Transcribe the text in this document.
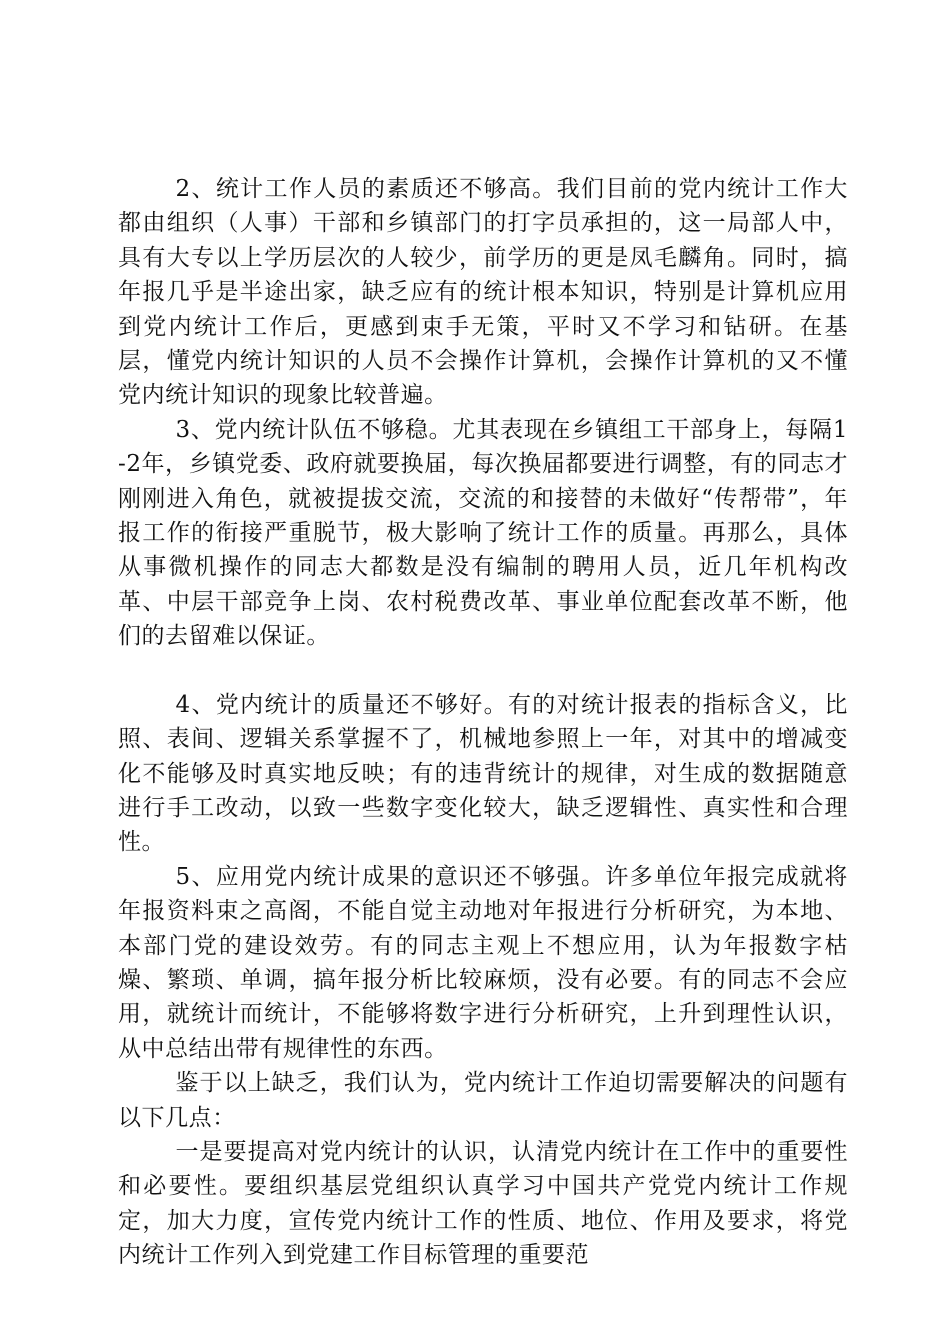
2、统计工作人员的素质还不够高。我们目前的党内统计工作大都由组织（人事）干部和乡镇部门的打字员承担的，这一局部人中，具有大专以上学历层次的人较少，前学历的更是凤毛麟角。同时，搞年报几乎是半途出家，缺乏应有的统计根本知识，特别是计算机应用到党内统计工作后，更感到束手无策，平时又不学习和钻研。在基层，懂党内统计知识的人员不会操作计算机，会操作计算机的又不懂党内统计知识的现象比较普遍。

3、党内统计队伍不够稳。尤其表现在乡镇组工干部身上，每隔1-2年，乡镇党委、政府就要换届，每次换届都要进行调整，有的同志才刚刚进入角色，就被提拔交流，交流的和接替的未做好“传帮带”，年报工作的衔接严重脱节，极大影响了统计工作的质量。再那么，具体从事微机操作的同志大都数是没有编制的聘用人员，近几年机构改革、中层干部竞争上岗、农村税费改革、事业单位配套改革不断，他们的去留难以保证。

4、党内统计的质量还不够好。有的对统计报表的指标含义，比照、表间、逻辑关系掌握不了，机械地参照上一年，对其中的增减变化不能够及时真实地反映；有的违背统计的规律，对生成的数据随意进行手工改动，以致一些数字变化较大，缺乏逻辑性、真实性和合理性。

5、应用党内统计成果的意识还不够强。许多单位年报完成就将年报资料束之高阁，不能自觉主动地对年报进行分析研究，为本地、本部门党的建设效劳。有的同志主观上不想应用，认为年报数字枯燥、繁琐、单调，搞年报分析比较麻烦，没有必要。有的同志不会应用，就统计而统计，不能够将数字进行分析研究，上升到理性认识，从中总结出带有规律性的东西。

鉴于以上缺乏，我们认为，党内统计工作迫切需要解决的问题有以下几点：

一是要提高对党内统计的认识，认清党内统计在工作中的重要性和必要性。要组织基层党组织认真学习中国共产党党内统计工作规定，加大力度，宣传党内统计工作的性质、地位、作用及要求，将党内统计工作列入到党建工作目标管理的重要范
